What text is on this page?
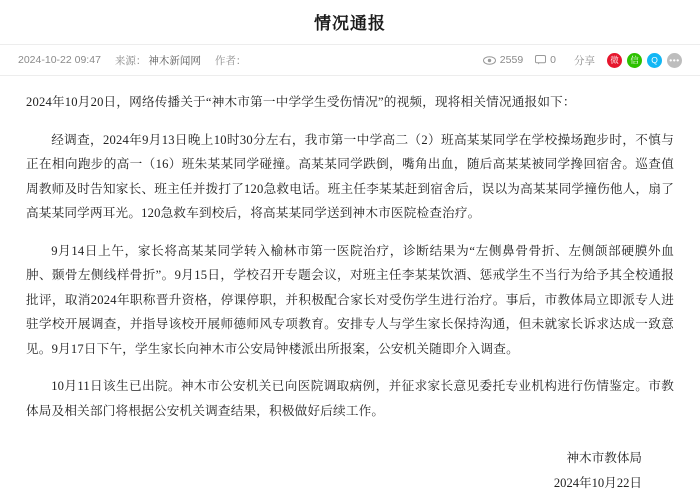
情况通报
2024-10-22 09:47 来源： 神木新闻网 作者：	2559	0 分享	微	信	Q	•••

2024年10月20日，网络传播关于“神木市第一中学学生受伤情况”的视频，现将相关情况通报如下：

经调查，2024年9月13日晚上10时30分左右，我市第一中学高二（2）班高某某同学在学校操场跑步时，不慎与正在相向跑步的高一（16）班朱某某同学碰撞。高某某同学跌倒，嘴角出血，随后高某某被同学搀回宿舍。巡查值周教师及时告知家长、班主任并拨打了120急救电话。班主任李某某赶到宿舍后，误以为高某某同学撞伤他人，扇了高某某同学两耳光。120急救车到校后，将高某某同学送到神木市医院检查治疗。

9月14日上午，家长将高某某同学转入榆林市第一医院治疗，诊断结果为“左侧鼻骨骨折、左侧颌部硬膜外血肿、颞骨左侧线样骨折”。9月15日，学校召开专题会议，对班主任李某某饮酒、惩戒学生不当行为给予其全校通报批评，取消2024年职称晋升资格，停课停职，并积极配合家长对受伤学生进行治疗。事后，市教体局立即派专人进驻学校开展调查，并指导该校开展师德师风专项教育。安排专人与学生家长保持沟通，但未就家长诉求达成一致意见。9月17日下午，学生家长向神木市公安局钟楼派出所报案，公安机关随即介入调查。

10月11日该生已出院。神木市公安机关已向医院调取病例，并征求家长意见委托专业机构进行伤情鉴定。市教体局及相关部门将根据公安机关调查结果，积极做好后续工作。

神木市教体局
2024年10月22日
